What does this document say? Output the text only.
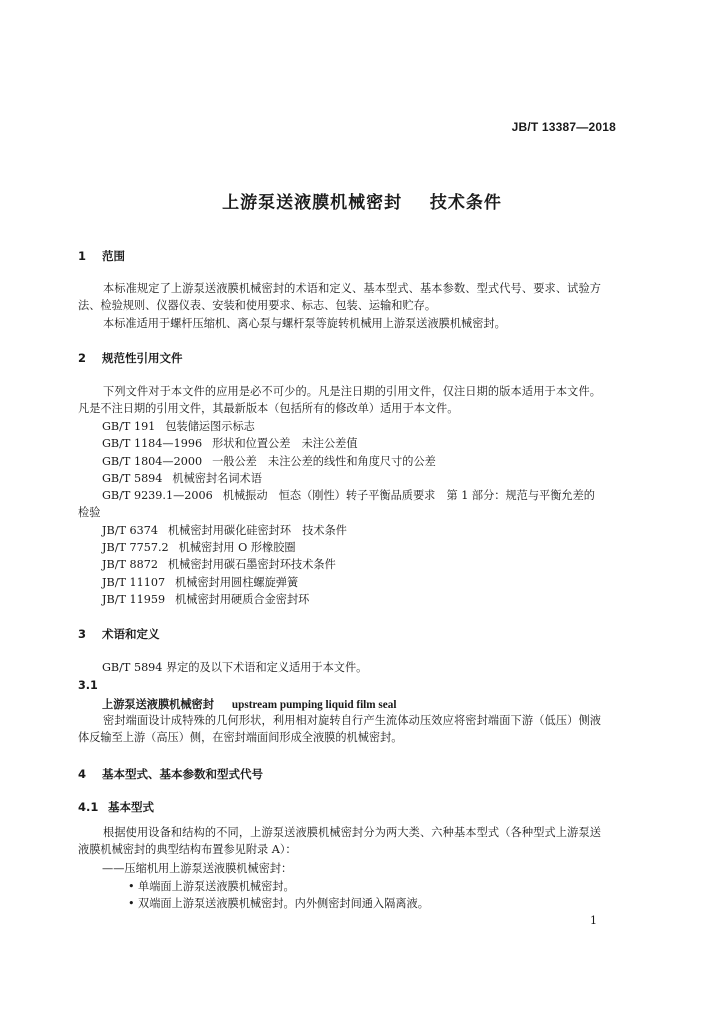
JB/T 13387—2018
上游泵送液膜机械密封    技术条件
1 范围

本标准规定了上游泵送液膜机械密封的术语和定义、基本型式、基本参数、型式代号、要求、试验方法、检验规则、仪器仪表、安装和使用要求、标志、包装、运输和贮存。

本标准适用于螺杆压缩机、离心泵与螺杆泵等旋转机械用上游泵送液膜机械密封。

2 规范性引用文件

下列文件对于本文件的应用是必不可少的。凡是注日期的引用文件，仅注日期的版本适用于本文件。凡是不注日期的引用文件，其最新版本（包括所有的修改单）适用于本文件。

GB/T 191 包装储运图示标志
GB/T 1184—1996 形状和位置公差　未注公差值
GB/T 1804—2000 一般公差　未注公差的线性和角度尺寸的公差
GB/T 5894 机械密封名词术语
GB/T 9239.1—2006 机械振动　恒态（刚性）转子平衡品质要求　第 1 部分：规范与平衡允差的
检验
JB/T 6374 机械密封用碳化硅密封环　技术条件
JB/T 7757.2 机械密封用 O 形橡胶圈
JB/T 8872 机械密封用碳石墨密封环技术条件
JB/T 11107 机械密封用圆柱螺旋弹簧
JB/T 11959 机械密封用硬质合金密封环
3 术语和定义
GB/T 5894 界定的及以下术语和定义适用于本文件。
3.1
上游泵送液膜机械密封 upstream pumping liquid film seal

密封端面设计成特殊的几何形状，利用相对旋转自行产生流体动压效应将密封端面下游（低压）侧液体反输至上游（高压）侧，在密封端面间形成全液膜的机械密封。

4 基本型式、基本参数和型式代号
4.1 基本型式

根据使用设备和结构的不同，上游泵送液膜机械密封分为两大类、六种基本型式（各种型式上游泵送液膜机械密封的典型结构布置参见附录 A）：

——压缩机用上游泵送液膜机械密封：
• 单端面上游泵送液膜机械密封。
• 双端面上游泵送液膜机械密封。内外侧密封间通入隔离液。
1
